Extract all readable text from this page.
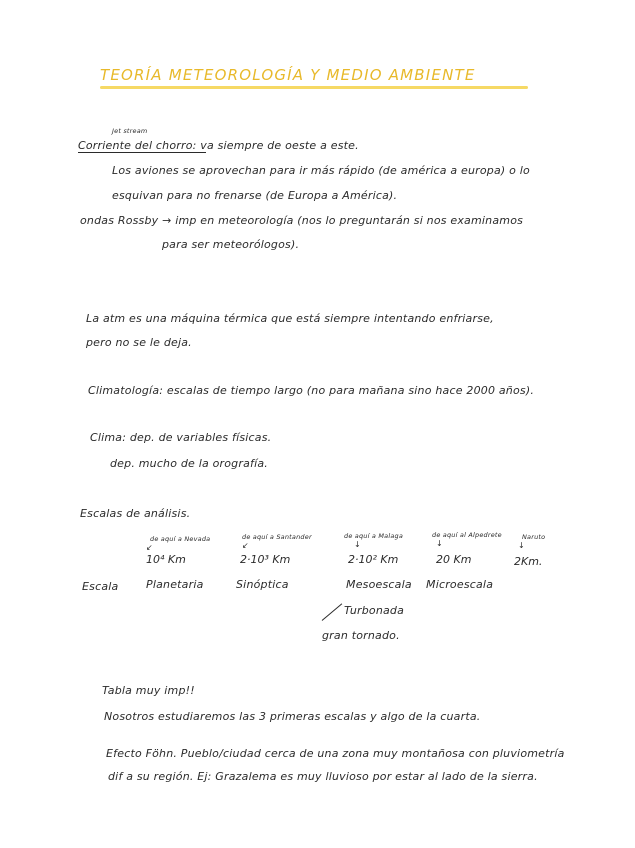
TEORÍA METEOROLOGÍA Y MEDIO AMBIENTE
Jet stream
Corriente del chorro: va siempre de oeste a este.
Los aviones se aprovechan para ir más rápido (de américa a europa) o lo
esquivan para no frenarse (de Europa a América).
ondas Rossby → imp en meteorología (nos lo preguntarán si nos examinamos
para ser meteorólogos).
La atm es una máquina térmica que está siempre intentando enfriarse,
pero no se le deja.
Climatología: escalas de tiempo largo (no para mañana sino hace 2000 años).
Clima: dep. de variables físicas.
dep. mucho de la orografía.
Escalas de análisis.
de aquí a Nevada
↙
10⁴ Km
Planetaria
de aquí a Santander
↙
2·10³ Km
Sinóptica
de aquí a Malaga
↓
2·10² Km
Mesoescala
de aquí al Alpedrete
↓
20 Km
Microescala
Naruto
↓
2Km.
Escala
Turbonada
gran tornado.
Tabla muy imp!!
Nosotros estudiaremos las 3 primeras escalas y algo de la cuarta.
Efecto Föhn. Pueblo/ciudad cerca de una zona muy montañosa con pluviometría
dif a su región. Ej: Grazalema es muy lluvioso por estar al lado de la sierra.
